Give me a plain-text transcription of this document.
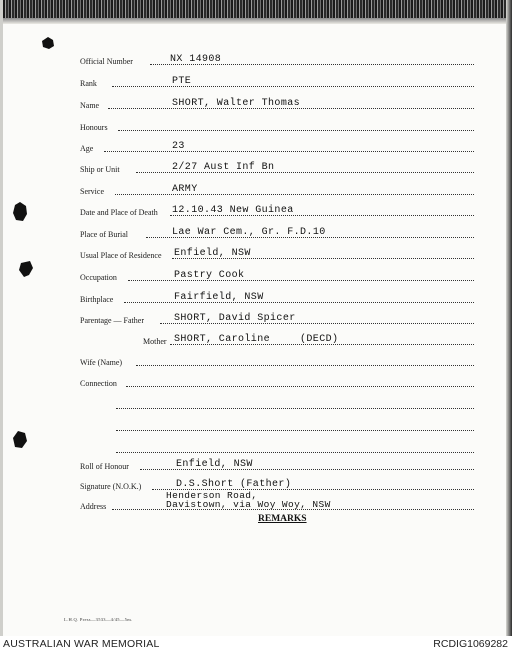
Official Number	NX 14908
Rank	PTE
Name	SHORT, Walter Thomas
Honours
Age	23
Ship or Unit	2/27 Aust Inf Bn
Service	ARMY
Date and Place of Death 12.10.43 New Guinea
Place of Burial	Lae War Cem., Gr. F.D.10
Usual Place of Residence Enfield, NSW
Occupation	Pastry Cook
Birthplace	Fairfield, NSW
Parentage — Father	SHORT, David Spicer
Mother SHORT, Caroline	(DECD)
Wife (Name)
Connection
Roll of Honour	Enfield, NSW
Signature (N.O.K.)	D.S.Short (Father)
Henderson Road,
Address	Davistown, via Woy Woy, NSW
REMARKS
L.H.Q. Press—3533—4/45—5m.
AUSTRALIAN WAR MEMORIAL	RCDIG1069282
